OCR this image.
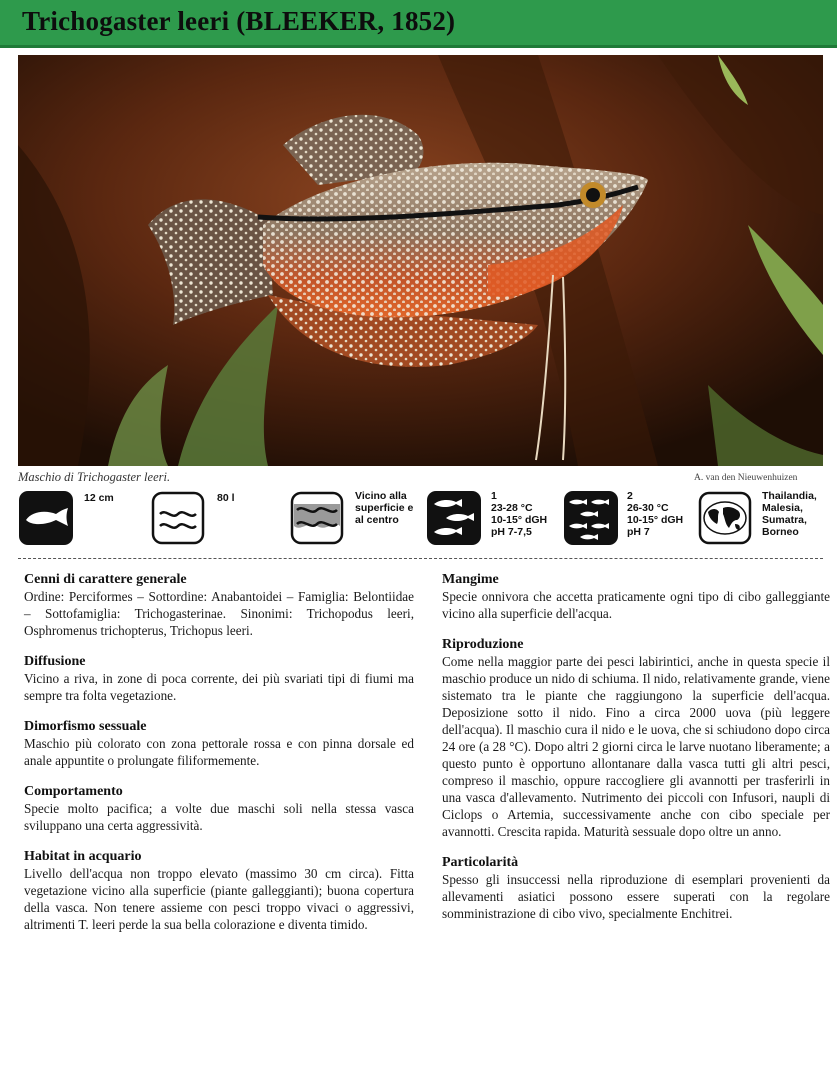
Trichogaster leeri (BLEEKER, 1852)
Maschio di Trichogaster leeri.	A. van den Nieuwenhuizen
12 cm	80 l	Vicino alla
superficie e
al centro
1
23-28 °C
10-15° dGH
pH 7-7,5
2
26-30 °C
10-15° dGH
pH 7
Thailandia,
Malesia,
Sumatra,
Borneo
Cenni di carattere generale

Ordine: Perciformes – Sottordine: Anabantoidei – Famiglia: Belontiidae – Sottofamiglia: Trichogasterinae. Sinonimi: Trichopodus leeri, Osphromenus trichopterus, Trichopus leeri.

Diffusione

Vicino a riva, in zone di poca corrente, dei più svariati tipi di fiumi ma sempre tra folta vegetazione.

Dimorfismo sessuale

Maschio più colorato con zona pettorale rossa e con pinna dorsale ed anale appuntite o prolungate filiformemente.

Comportamento

Specie molto pacifica; a volte due maschi soli nella stessa vasca sviluppano una certa aggressività.

Habitat in acquario

Livello dell'acqua non troppo elevato (massimo 30 cm circa). Fitta vegetazione vicino alla superficie (piante galleggianti); buona copertura della vasca. Non tenere assieme con pesci troppo vivaci o aggressivi, altrimenti T. leeri perde la sua bella colorazione e diventa timido.

Mangime

Specie onnivora che accetta praticamente ogni tipo di cibo galleggiante vicino alla superficie dell'acqua.

Riproduzione

Come nella maggior parte dei pesci labirintici, anche in questa specie il maschio produce un nido di schiuma. Il nido, relativamente grande, viene sistemato tra le piante che raggiungono la superficie dell'acqua. Deposizione sotto il nido. Fino a circa 2000 uova (più leggere dell'acqua). Il maschio cura il nido e le uova, che si schiudono dopo circa 24 ore (a 28 °C). Dopo altri 2 giorni circa le larve nuotano liberamente; a questo punto è opportuno allontanare dalla vasca tutti gli altri pesci, compreso il maschio, oppure raccogliere gli avannotti per trasferirli in una vasca d'allevamento. Nutrimento dei piccoli con Infusori, naupli di Ciclops o Artemia, successivamente anche con cibo speciale per avannotti. Crescita rapida. Maturità sessuale dopo oltre un anno.

Particolarità

Spesso gli insuccessi nella riproduzione di esemplari provenienti da allevamenti asiatici possono essere superati con la regolare somministrazione di cibo vivo, specialmente Enchitrei.
